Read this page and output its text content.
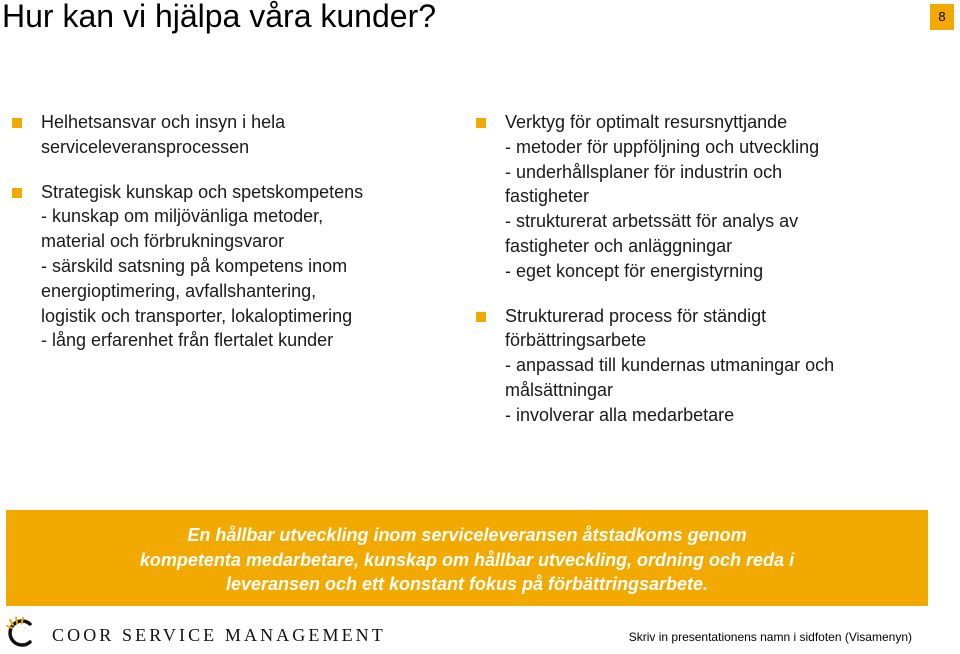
Hur kan vi hjälpa våra kunder?	8
Helhetsansvar och insyn i hela
serviceleveransprocessen
Strategisk kunskap och spetskompetens
- kunskap om miljövänliga metoder,
material och förbrukningsvaror
- särskild satsning på kompetens inom
energioptimering, avfallshantering,
logistik och transporter, lokaloptimering
- lång erfarenhet från flertalet kunder
Verktyg för optimalt resursnyttjande
- metoder för uppföljning och utveckling
- underhållsplaner för industrin och
fastigheter
- strukturerat arbetssätt för analys av
fastigheter och anläggningar
- eget koncept för energistyrning
Strukturerad process för ständigt
förbättringsarbete
- anpassad till kundernas utmaningar och
målsättningar
- involverar alla medarbetare
En hållbar utveckling inom serviceleveransen åtstadkoms genom
kompetenta medarbetare, kunskap om hållbar utveckling, ordning och reda i
leveransen och ett konstant fokus på förbättringsarbete.
COOR SERVICE MANAGEMENT	Skriv in presentationens namn i sidfoten (Visamenyn)
